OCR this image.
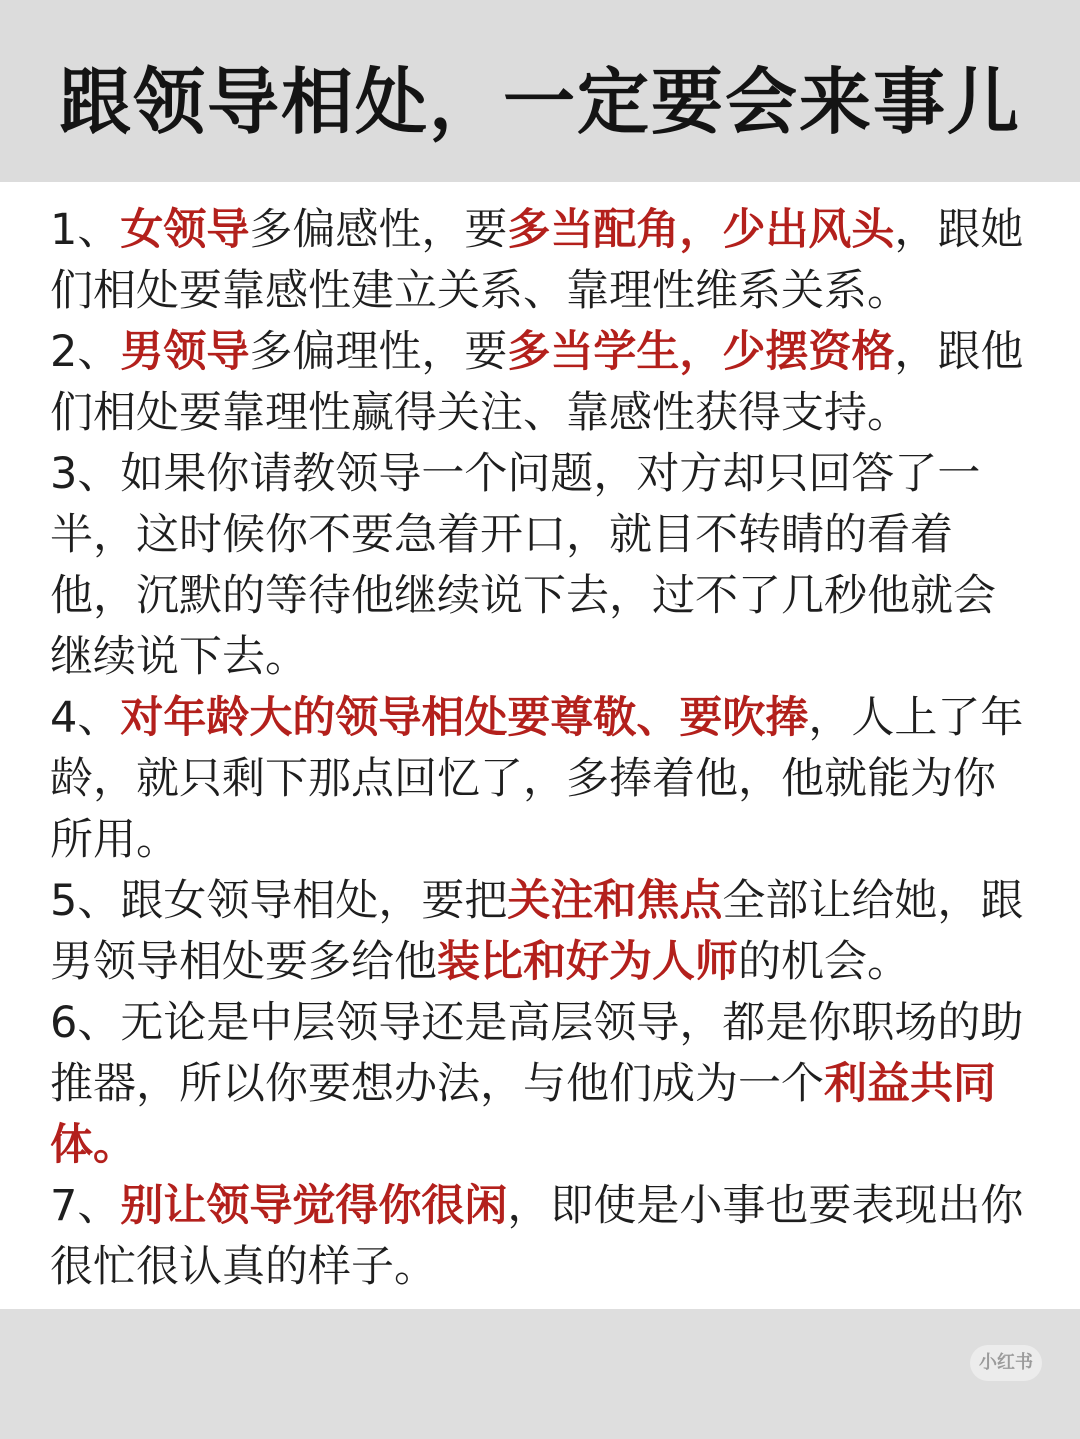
跟领导相处，一定要会来事儿

1、女领导多偏感性，要多当配角，少出风头，跟她们相处要靠感性建立关系、靠理性维系关系。

2、男领导多偏理性，要多当学生，少摆资格，跟他们相处要靠理性赢得关注、靠感性获得支持。

3、如果你请教领导一个问题，对方却只回答了一半，这时候你不要急着开口，就目不转睛的看着他，沉默的等待他继续说下去，过不了几秒他就会继续说下去。

4、对年龄大的领导相处要尊敬、要吹捧，人上了年龄，就只剩下那点回忆了，多捧着他，他就能为你所用。

5、跟女领导相处，要把关注和焦点全部让给她，跟男领导相处要多给他装比和好为人师的机会。

6、无论是中层领导还是高层领导，都是你职场的助推器，所以你要想办法，与他们成为一个利益共同体。

7、别让领导觉得你很闲，即使是小事也要表现出你很忙很认真的样子。

小红书
